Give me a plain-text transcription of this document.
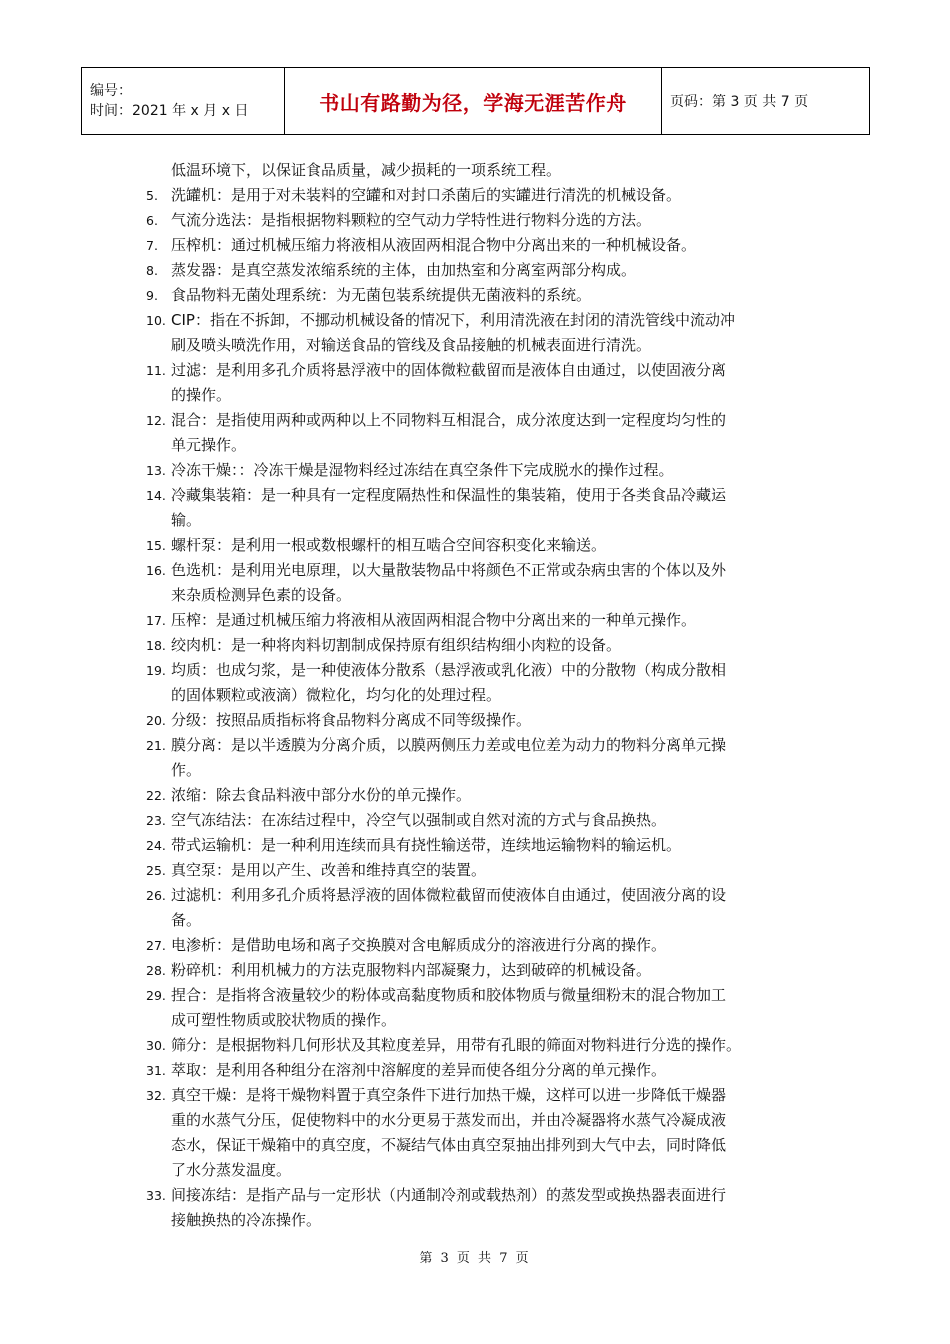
编号：
时间：2021 年 x 月 x 日	书山有路勤为径，学海无涯苦作舟	页码：第 3 页 共 7 页
低温环境下，以保证食品质量，减少损耗的一项系统工程。
5. 洗罐机：是用于对未装料的空罐和对封口杀菌后的实罐进行清洗的机械设备。
6. 气流分选法：是指根据物料颗粒的空气动力学特性进行物料分选的方法。
7. 压榨机：通过机械压缩力将液相从液固两相混合物中分离出来的一种机械设备。
8. 蒸发器：是真空蒸发浓缩系统的主体，由加热室和分离室两部分构成。
9. 食品物料无菌处理系统：为无菌包装系统提供无菌液料的系统。
10. CIP：指在不拆卸，不挪动机械设备的情况下，利用清洗液在封闭的清洗管线中流动冲
刷及喷头喷洗作用，对输送食品的管线及食品接触的机械表面进行清洗。
11. 过滤：是利用多孔介质将悬浮液中的固体微粒截留而是液体自由通过，以使固液分离
的操作。
12. 混合：是指使用两种或两种以上不同物料互相混合，成分浓度达到一定程度均匀性的
单元操作。
13. 冷冻干燥：：冷冻干燥是湿物料经过冻结在真空条件下完成脱水的操作过程。
14. 冷藏集装箱：是一种具有一定程度隔热性和保温性的集装箱，使用于各类食品冷藏运
输。
15. 螺杆泵：是利用一根或数根螺杆的相互啮合空间容积变化来输送。
16. 色选机：是利用光电原理，以大量散装物品中将颜色不正常或杂病虫害的个体以及外
来杂质检测异色素的设备。
17. 压榨：是通过机械压缩力将液相从液固两相混合物中分离出来的一种单元操作。
18. 绞肉机：是一种将肉料切割制成保持原有组织结构细小肉粒的设备。
19. 均质：也成匀浆，是一种使液体分散系（悬浮液或乳化液）中的分散物（构成分散相
的固体颗粒或液滴）微粒化，均匀化的处理过程。
20. 分级：按照品质指标将食品物料分离成不同等级操作。
21. 膜分离：是以半透膜为分离介质，以膜两侧压力差或电位差为动力的物料分离单元操
作。
22. 浓缩：除去食品料液中部分水份的单元操作。
23. 空气冻结法：在冻结过程中，冷空气以强制或自然对流的方式与食品换热。
24. 带式运输机：是一种利用连续而具有挠性输送带，连续地运输物料的输运机。
25. 真空泵：是用以产生、改善和维持真空的装置。
26. 过滤机：利用多孔介质将悬浮液的固体微粒截留而使液体自由通过，使固液分离的设
备。
27. 电渗析：是借助电场和离子交换膜对含电解质成分的溶液进行分离的操作。
28. 粉碎机：利用机械力的方法克服物料内部凝聚力，达到破碎的机械设备。
29. 捏合：是指将含液量较少的粉体或高黏度物质和胶体物质与微量细粉末的混合物加工
成可塑性物质或胶状物质的操作。
30. 筛分：是根据物料几何形状及其粒度差异，用带有孔眼的筛面对物料进行分选的操作。
31. 萃取：是利用各种组分在溶剂中溶解度的差异而使各组分分离的单元操作。
32. 真空干燥：是将干燥物料置于真空条件下进行加热干燥，这样可以进一步降低干燥器
重的水蒸气分压，促使物料中的水分更易于蒸发而出，并由冷凝器将水蒸气冷凝成液
态水，保证干燥箱中的真空度，不凝结气体由真空泵抽出排列到大气中去，同时降低
了水分蒸发温度。
33. 间接冻结：是指产品与一定形状（内通制冷剂或载热剂）的蒸发型或换热器表面进行
接触换热的冷冻操作。
第 3 页 共 7 页
